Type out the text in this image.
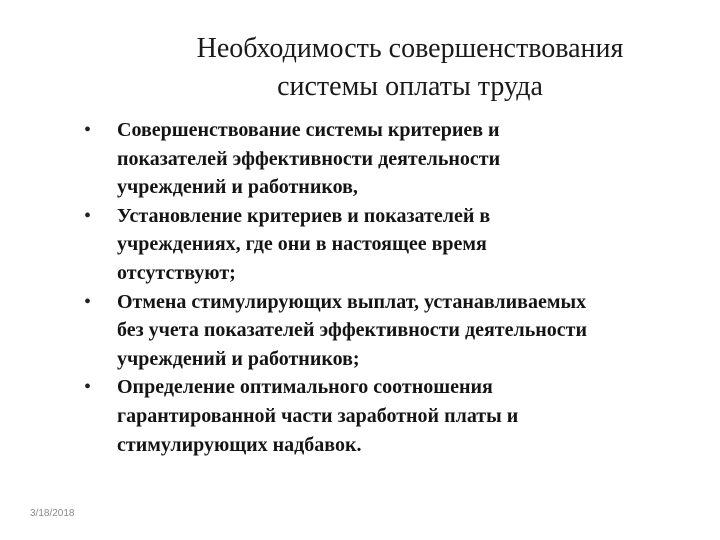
Необходимость совершенствования
системы оплаты труда
• Совершенствование системы критериев и
показателей эффективности деятельности
учреждений и работников,
• Установление критериев и показателей в
учреждениях, где они в настоящее время
отсутствуют;
• Отмена стимулирующих выплат, устанавливаемых
без учета показателей эффективности деятельности
учреждений и работников;
• Определение оптимального соотношения
гарантированной части заработной платы и
стимулирующих надбавок.
3/18/2018
